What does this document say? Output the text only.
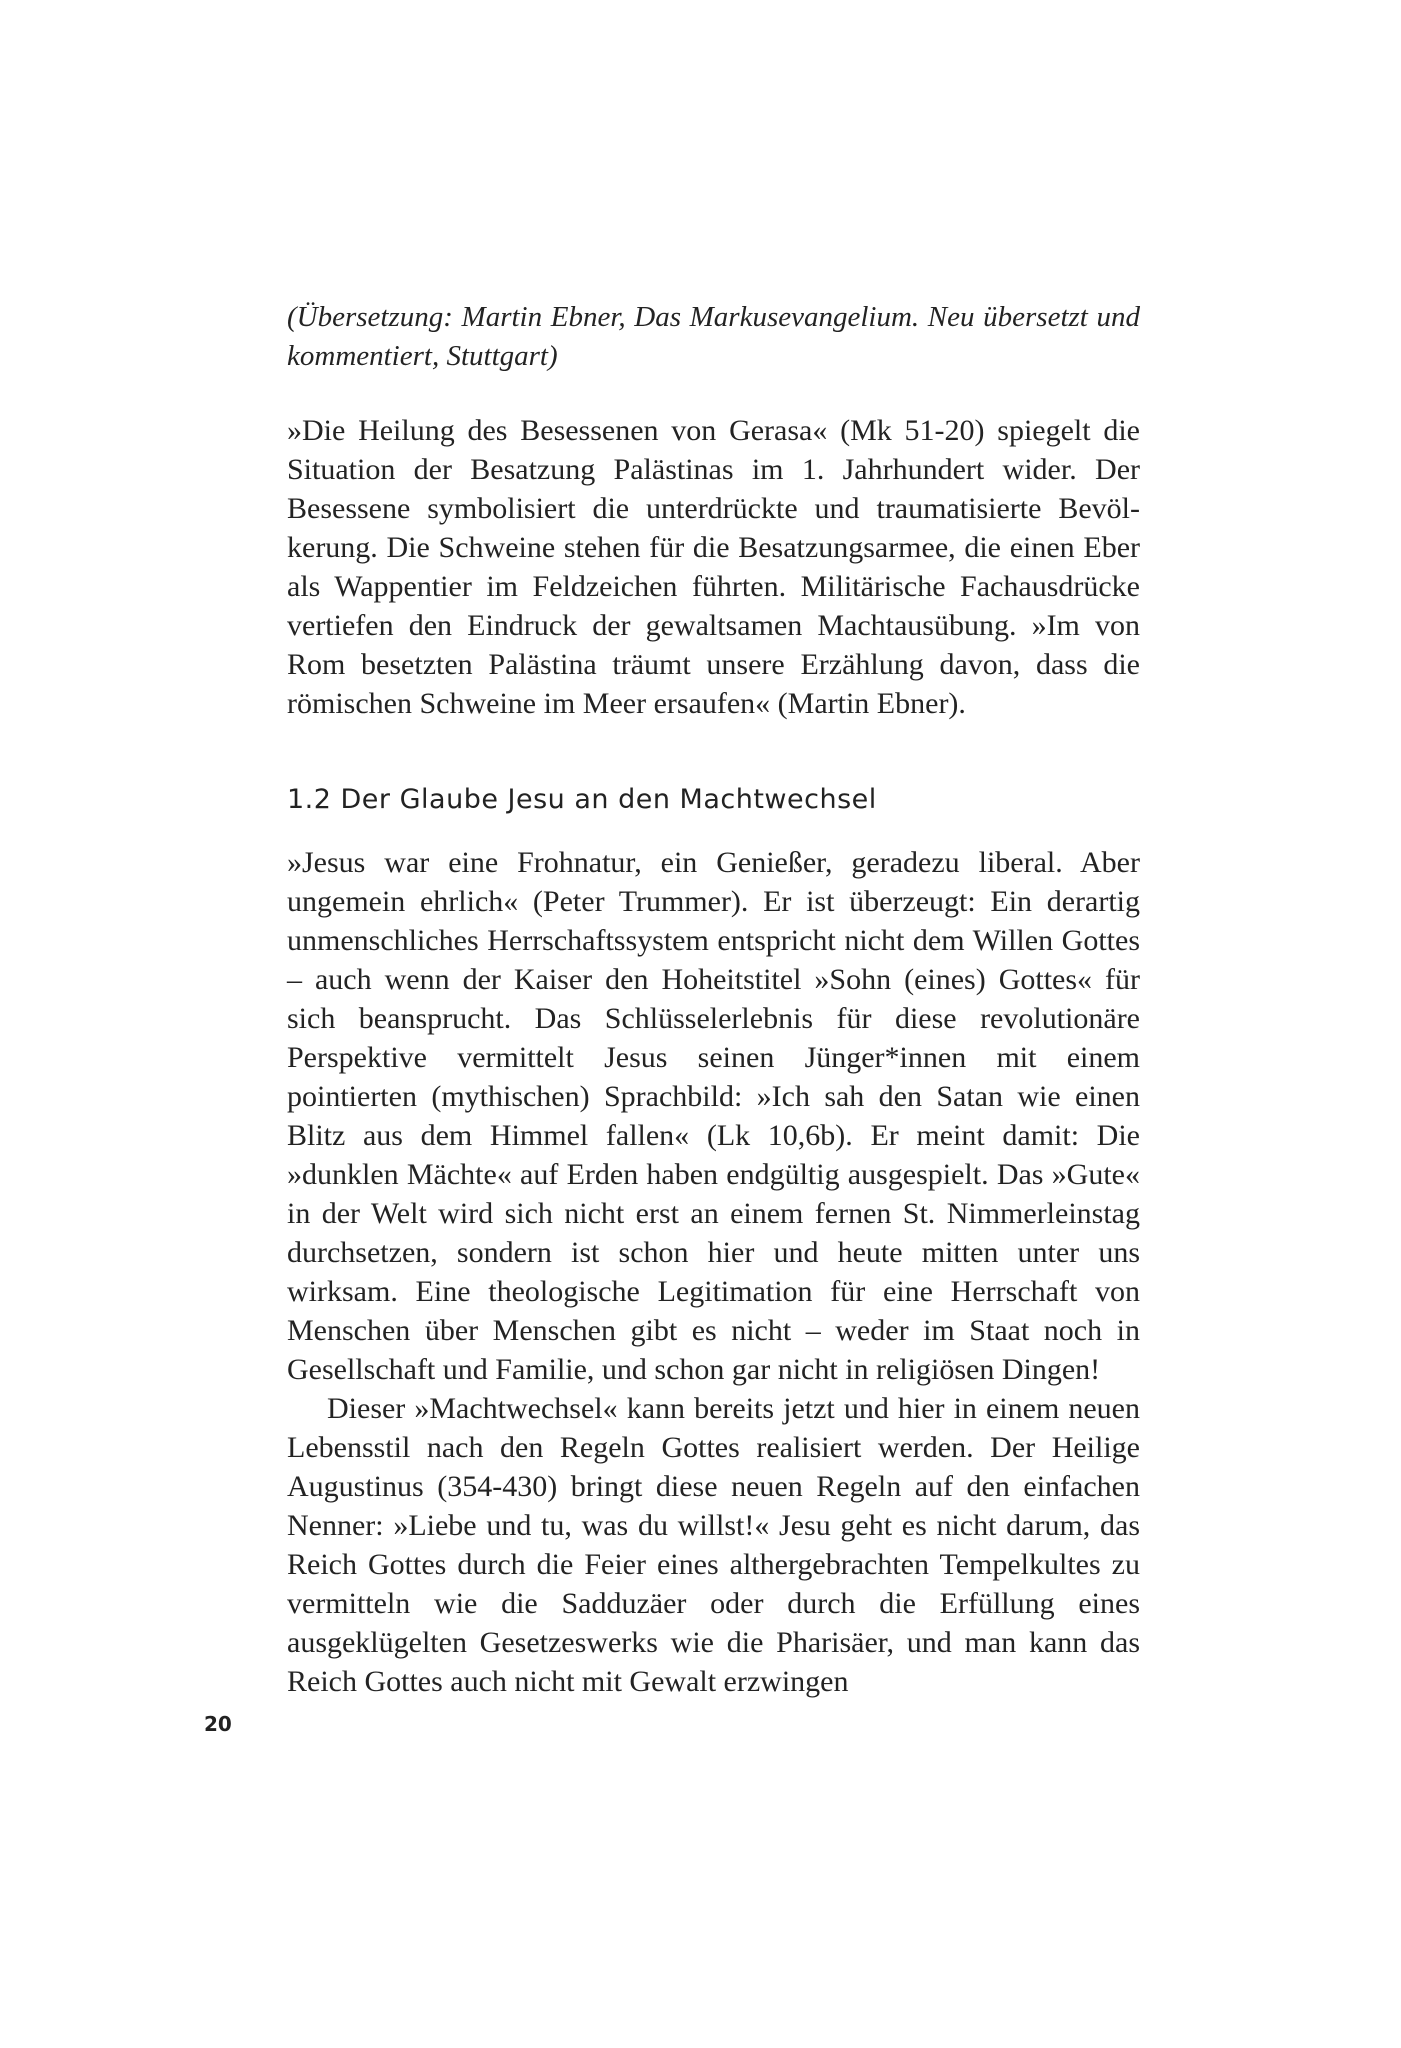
(Übersetzung: Martin Ebner, Das Markusevangelium. Neu übersetzt und kommentiert, Stuttgart)

»Die Heilung des Besessenen von Gerasa« (Mk 51-20) spiegelt die Situation der Besatzung Palästinas im 1. Jahrhundert wider. Der Besessene symbolisiert die unterdrückte und traumatisierte Bevölkerung. Die Schweine stehen für die Besatzungsarmee, die einen Eber als Wappentier im Feldzeichen führten. Militärische Fachausdrücke vertiefen den Eindruck der gewaltsamen Machtausübung. »Im von Rom besetzten Palästina träumt unsere Erzählung davon, dass die römischen Schweine im Meer ersaufen« (Martin Ebner).

1.2 Der Glaube Jesu an den Machtwechsel

»Jesus war eine Frohnatur, ein Genießer, geradezu liberal. Aber ungemein ehrlich« (Peter Trummer). Er ist überzeugt: Ein derartig unmenschliches Herrschaftssystem entspricht nicht dem Willen Gottes – auch wenn der Kaiser den Hoheitstitel »Sohn (eines) Gottes« für sich beansprucht. Das Schlüsselerlebnis für diese revolutionäre Perspektive vermittelt Jesus seinen Jünger*innen mit einem pointierten (mythischen) Sprachbild: »Ich sah den Satan wie einen Blitz aus dem Himmel fallen« (Lk 10,6b). Er meint damit: Die »dunklen Mächte« auf Erden haben endgültig ausgespielt. Das »Gute« in der Welt wird sich nicht erst an einem fernen St. Nimmerleinstag durchsetzen, sondern ist schon hier und heute mitten unter uns wirksam. Eine theologische Legitimation für eine Herrschaft von Menschen über Menschen gibt es nicht – weder im Staat noch in Gesellschaft und Familie, und schon gar nicht in religiösen Dingen!

Dieser »Machtwechsel« kann bereits jetzt und hier in einem neuen Lebensstil nach den Regeln Gottes realisiert werden. Der Heilige Augustinus (354-430) bringt diese neuen Regeln auf den einfachen Nenner: »Liebe und tu, was du willst!« Jesu geht es nicht darum, das Reich Gottes durch die Feier eines althergebrachten Tempelkultes zu vermitteln wie die Sadduzäer oder durch die Erfüllung eines ausgeklügelten Gesetzeswerks wie die Pharisäer, und man kann das Reich Gottes auch nicht mit Gewalt erzwingen

20
